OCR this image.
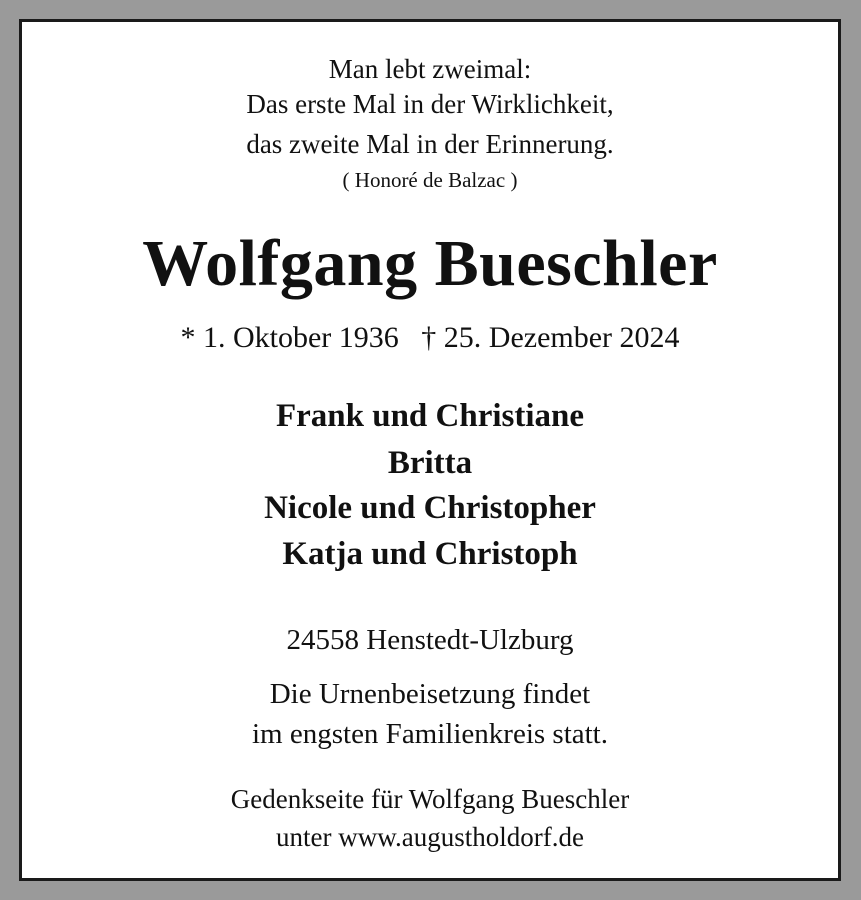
Man lebt zweimal:
Das erste Mal in der Wirklichkeit,
das zweite Mal in der Erinnerung.
( Honoré de Balzac )
Wolfgang Bueschler
* 1. Oktober 1936   † 25. Dezember 2024
Frank und Christiane
Britta
Nicole und Christopher
Katja und Christoph
24558 Henstedt-Ulzburg
Die Urnenbeisetzung findet
im engsten Familienkreis statt.
Gedenkseite für Wolfgang Bueschler
unter www.augustholdorf.de
